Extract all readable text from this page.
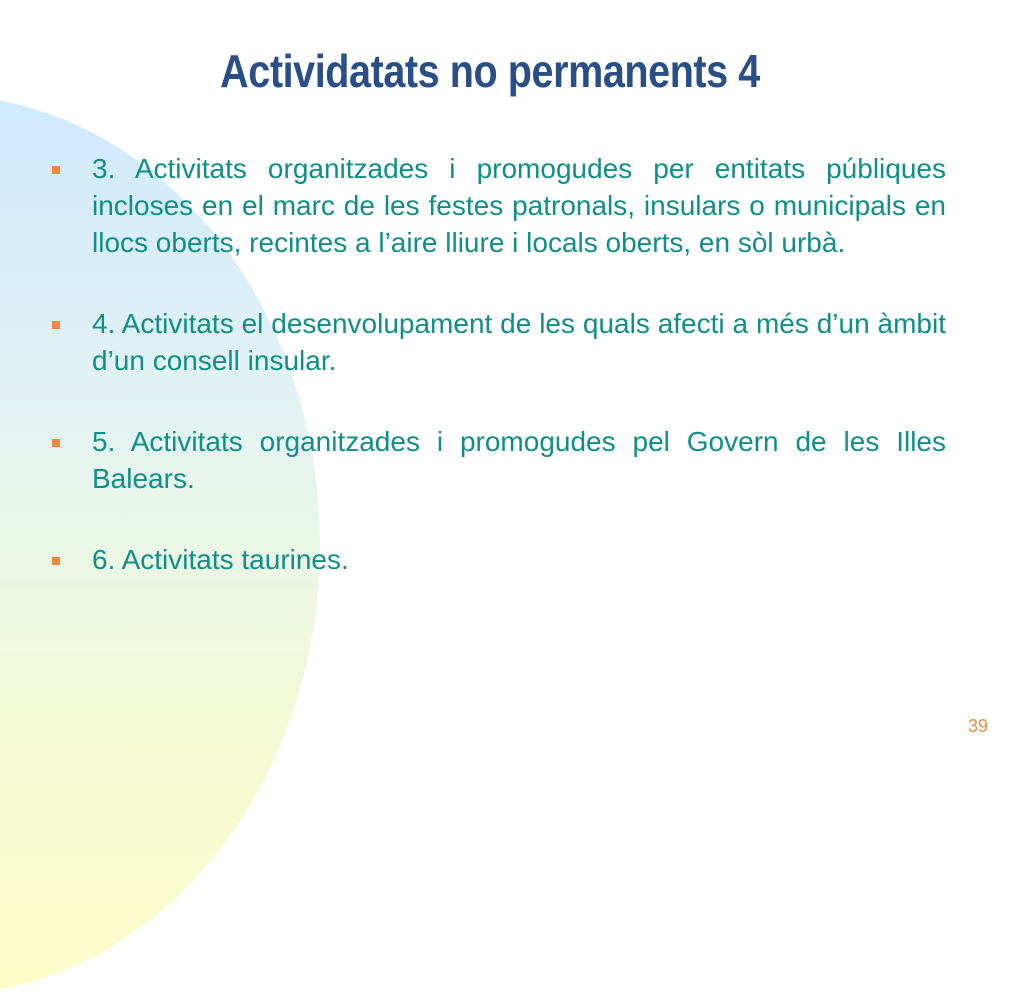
Actividatats no permanents 4
3. Activitats organitzades i promogudes per entitats públiques incloses en el marc de les festes patronals, insulars o municipals en llocs oberts, recintes a l’aire lliure i locals oberts, en sòl urbà.
4. Activitats el desenvolupament de les quals afecti a més d’un àmbit d’un consell insular.
5. Activitats organitzades i promogudes pel Govern de les Illes Balears.
6. Activitats taurines.
39
